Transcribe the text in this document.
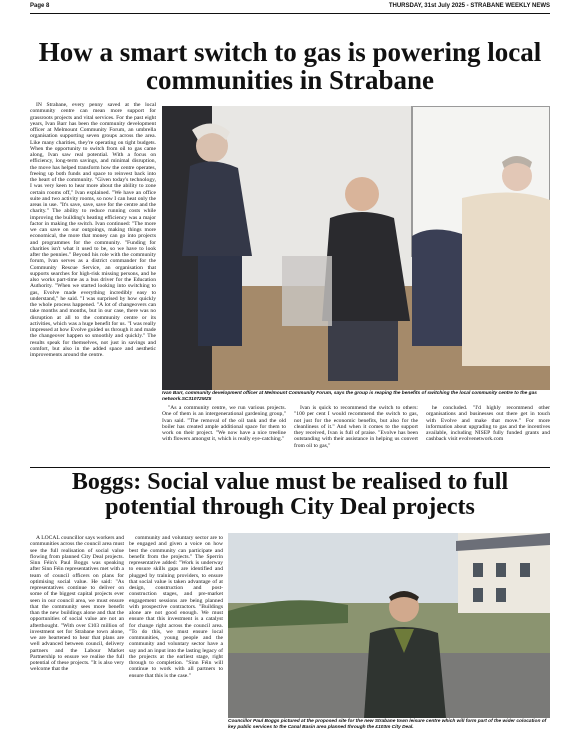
Page 8	THURSDAY, 31st July 2025 - STRABANE WEEKLY NEWS
How a smart switch to gas is powering local communities in Strabane

IN Strabane, every penny saved at the local community centre can mean more support for grassroots projects and vital services. For the past eight years, Ivan Barr has been the community development officer at Melmount Community Forum, an umbrella organisation supporting seven groups across the area. Like many charities, they're operating on tight budgets. When the opportunity to switch from oil to gas came along, Ivan saw real potential. With a focus on efficiency, long-term savings, and minimal disruption, the move has helped transform how the centre operates, freeing up both funds and space to reinvest back into the heart of the community. "Given today's technology, I was very keen to hear more about the ability to zone certain rooms off," Ivan explained. "We have an office suite and two activity rooms, so now I can heat only the areas in use. "It's save, save, save for the centre and the charity." The ability to reduce running costs while improving the building's heating efficiency was a major factor in making the switch. Ivan continued: "The more we can save on our outgoings, making things more economical, the more that money can go into projects and programmes for the community. "Funding for charities isn't what it used to be, so we have to look after the pennies." Beyond his role with the community forum, Ivan serves as a district commander for the Community Rescue Service, an organisation that supports searches for high-risk missing persons, and he also works part-time as a bus driver for the Education Authority. "When we started looking into switching to gas, Evolve made everything incredibly easy to understand," he said. "I was surprised by how quickly the whole process happened. "A lot of changeovers can take months and months, but in our case, there was no disruption at all to the community centre or its activities, which was a huge benefit for us. "I was really impressed at how Evolve guided us through it and made the changeover happen so smoothly and quickly." The results speak for themselves, not just in savings and comfort, but also in the added space and aesthetic improvements around the centre.

Ivan Barr, community development officer at Melmount Community Forum, says the group is reaping the benefits of switching the local community centre to the gas network.SC31072MZ5

"As a community centre, we run various projects. One of them is an intergenerational gardening group," Ivan said. "The removal of the oil tank and the old boiler has created ample additional space for them to work on their project. "We now have a nice treeline with flowers amongst it, which is really eye-catching."

Ivan is quick to recommend the switch to others: "100 per cent I would recommend the switch to gas, not just for the economic benefits, but also for the cleanliness of it." And when it comes to the support they received, Ivan is full of praise. "Evolve has been outstanding with their assistance in helping us convert from oil to gas,"

he concluded. "I'd highly recommend other organisations and businesses out there get in touch with Evolve and make that move." For more information about upgrading to gas and the incentives available, including NISEP fully funded grants and cashback visit evolvenetwork.com

Boggs: Social value must be realised to full potential through City Deal projects

A LOCAL councillor says workers and communities across the council area must see the full realisation of social value flowing from planned City Deal projects. Sinn Féin's Paul Boggs was speaking after Sinn Féin representatives met with a team of council officers on plans for optimising social value. He said: "As representatives continue to deliver on some of the biggest capital projects ever seen in our council area, we must ensure that the community sees more benefit than the new buildings alone and that the opportunities of social value are not an afterthought. "With over £103 million of investment set for Strabane town alone, we are heartened to hear that plans are well advanced between council, delivery partners and the Labour Market Partnership to ensure we realise the full potential of these projects. "It is also very welcome that the

community and voluntary sector are to be engaged and given a voice on how best the community can participate and benefit from the projects." The Sperrin representative added: "Work is underway to ensure skills gaps are identified and plugged by training providers, to ensure that social value is taken advantage of at design, construction and post-construction stages, and pre-market engagement sessions are being planned with prospective contractors. "Buildings alone are not good enough. We must ensure that this investment is a catalyst for change right across the council area. "To do this, we must ensure local communities, young people and the community and voluntary sector have a say and an input into the lasting legacy of the projects at the earliest stage, right through to completion. "Sinn Féin will continue to work with all partners to ensure that this is the case."

Councillor Paul Boggs pictured at the proposed site for the new Strabane town leisure centre which will form part of the wider colocation of key public services to the Canal Basin area planned through the £103m City Deal.
